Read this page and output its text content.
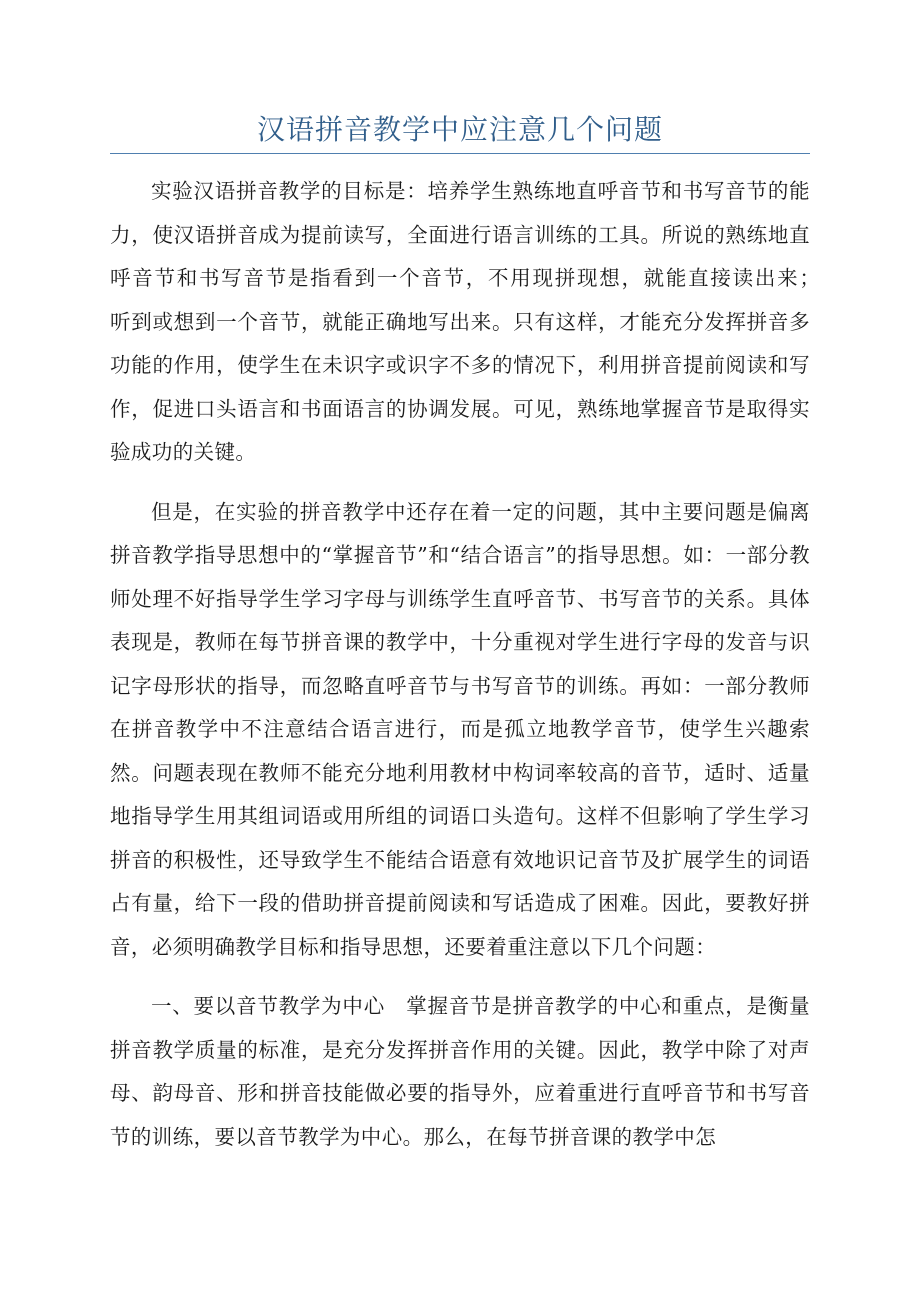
汉语拼音教学中应注意几个问题

实验汉语拼音教学的目标是：培养学生熟练地直呼音节和书写音节的能力，使汉语拼音成为提前读写，全面进行语言训练的工具。所说的熟练地直呼音节和书写音节是指看到一个音节，不用现拼现想，就能直接读出来；　听到或想到一个音节，就能正确地写出来。只有这样，才能充分发挥拼音多功能的作用，使学生在未识字或识字不多的情况下，利用拼音提前阅读和写作，促进口头语言和书面语言的协调发展。可见，熟练地掌握音节是取得实验成功的关键。

但是，在实验的拼音教学中还存在着一定的问题，其中主要问题是偏离拼音教学指导思想中的“掌握音节”和“结合语言”的指导思想。如：一部分教师处理不好指导学生学习字母与训练学生直呼音节、书写音节的关系。具体表现是，教师在每节拼音课的教学中，十分重视对学生进行字母的发音与识记字母形状的指导，而忽略直呼音节与书写音节的训练。再如：一部分教师在拼音教学中不注意结合语言进行，而是孤立地教学音节，使学生兴趣索然。问题表现在教师不能充分地利用教材中构词率较高的音节，适时、适量地指导学生用其组词语或用所组的词语口头造句。这样不但影响了学生学习拼音的积极性，还导致学生不能结合语意有效地识记音节及扩展学生的词语占有量，给下一段的借助拼音提前阅读和写话造成了困难。因此，要教好拼音，必须明确教学目标和指导思想，还要着重注意以下几个问题：

一、要以音节教学为中心　掌握音节是拼音教学的中心和重点，是衡量拼音教学质量的标准，是充分发挥拼音作用的关键。因此，教学中除了对声母、韵母音、形和拼音技能做必要的指导外，应着重进行直呼音节和书写音节的训练，要以音节教学为中心。那么，在每节拼音课的教学中怎
